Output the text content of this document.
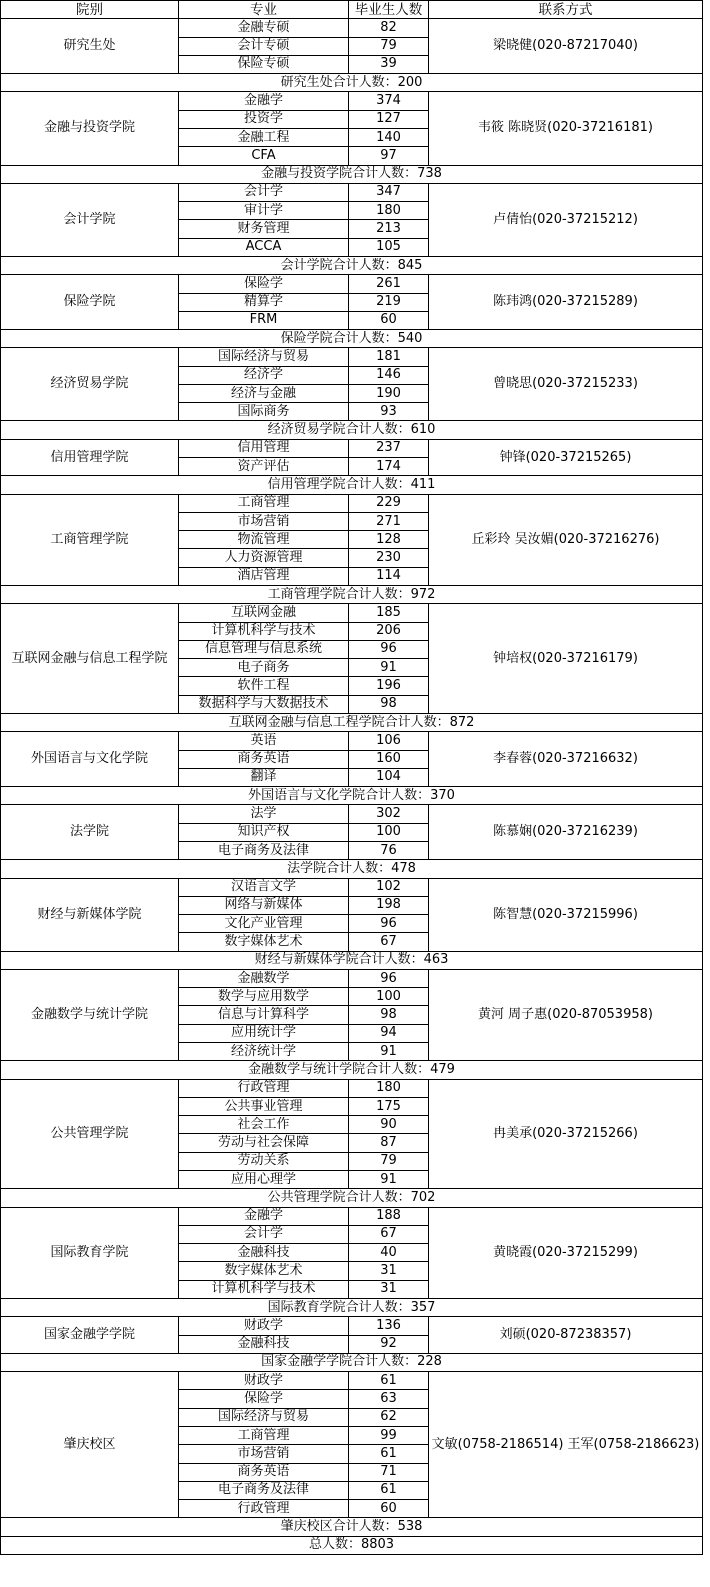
院别	专业	毕业生人数	联系方式
研究生处	金融专硕	82	梁晓健(020-87217040)
	会计专硕	79	
	保险专硕	39	
研究生处合计人数：200			
金融与投资学院	金融学	374	韦筱 陈晓贤(020-37216181)
	投资学	127	
	金融工程	140	
	CFA	97	
金融与投资学院合计人数：738			
会计学院	会计学	347	卢倩怡(020-37215212)
	审计学	180	
	财务管理	213	
	ACCA	105	
会计学院合计人数：845			
保险学院	保险学	261	陈玮鸿(020-37215289)
	精算学	219	
	FRM	60	
保险学院合计人数：540			
经济贸易学院	国际经济与贸易	181	曾晓思(020-37215233)
	经济学	146	
	经济与金融	190	
	国际商务	93	
经济贸易学院合计人数：610			
信用管理学院	信用管理	237	钟锋(020-37215265)
	资产评估	174	
信用管理学院合计人数：411			
工商管理学院	工商管理	229	丘彩玲 吴汝媚(020-37216276)
	市场营销	271	
	物流管理	128	
	人力资源管理	230	
	酒店管理	114	
工商管理学院合计人数：972			
互联网金融与信息工程学院	互联网金融	185	钟培权(020-37216179)
	计算机科学与技术	206	
	信息管理与信息系统	96	
	电子商务	91	
	软件工程	196	
	数据科学与大数据技术	98	
互联网金融与信息工程学院合计人数：872			
外国语言与文化学院	英语	106	李春蓉(020-37216632)
	商务英语	160	
	翻译	104	
外国语言与文化学院合计人数：370			
法学院	法学	302	陈慕娴(020-37216239)
	知识产权	100	
	电子商务及法律	76	
法学院合计人数：478			
财经与新媒体学院	汉语言文学	102	陈智慧(020-37215996)
	网络与新媒体	198	
	文化产业管理	96	
	数字媒体艺术	67	
财经与新媒体学院合计人数：463			
金融数学与统计学院	金融数学	96	黄河 周子惠(020-87053958)
	数学与应用数学	100	
	信息与计算科学	98	
	应用统计学	94	
	经济统计学	91	
金融数学与统计学院合计人数：479			
公共管理学院	行政管理	180	冉美承(020-37215266)
	公共事业管理	175	
	社会工作	90	
	劳动与社会保障	87	
	劳动关系	79	
	应用心理学	91	
公共管理学院合计人数：702			
国际教育学院	金融学	188	黄晓霞(020-37215299)
	会计学	67	
	金融科技	40	
	数字媒体艺术	31	
	计算机科学与技术	31	
国际教育学院合计人数：357			
国家金融学学院	财政学	136	刘硕(020-87238357)
	金融科技	92	
国家金融学学院合计人数：228			
肇庆校区	财政学	61	文敏(0758-2186514) 王军(0758-2186623)
	保险学	63	
	国际经济与贸易	62	
	工商管理	99	
	市场营销	61	
	商务英语	71	
	电子商务及法律	61	
	行政管理	60	
肇庆校区合计人数：538			
总人数：8803			
